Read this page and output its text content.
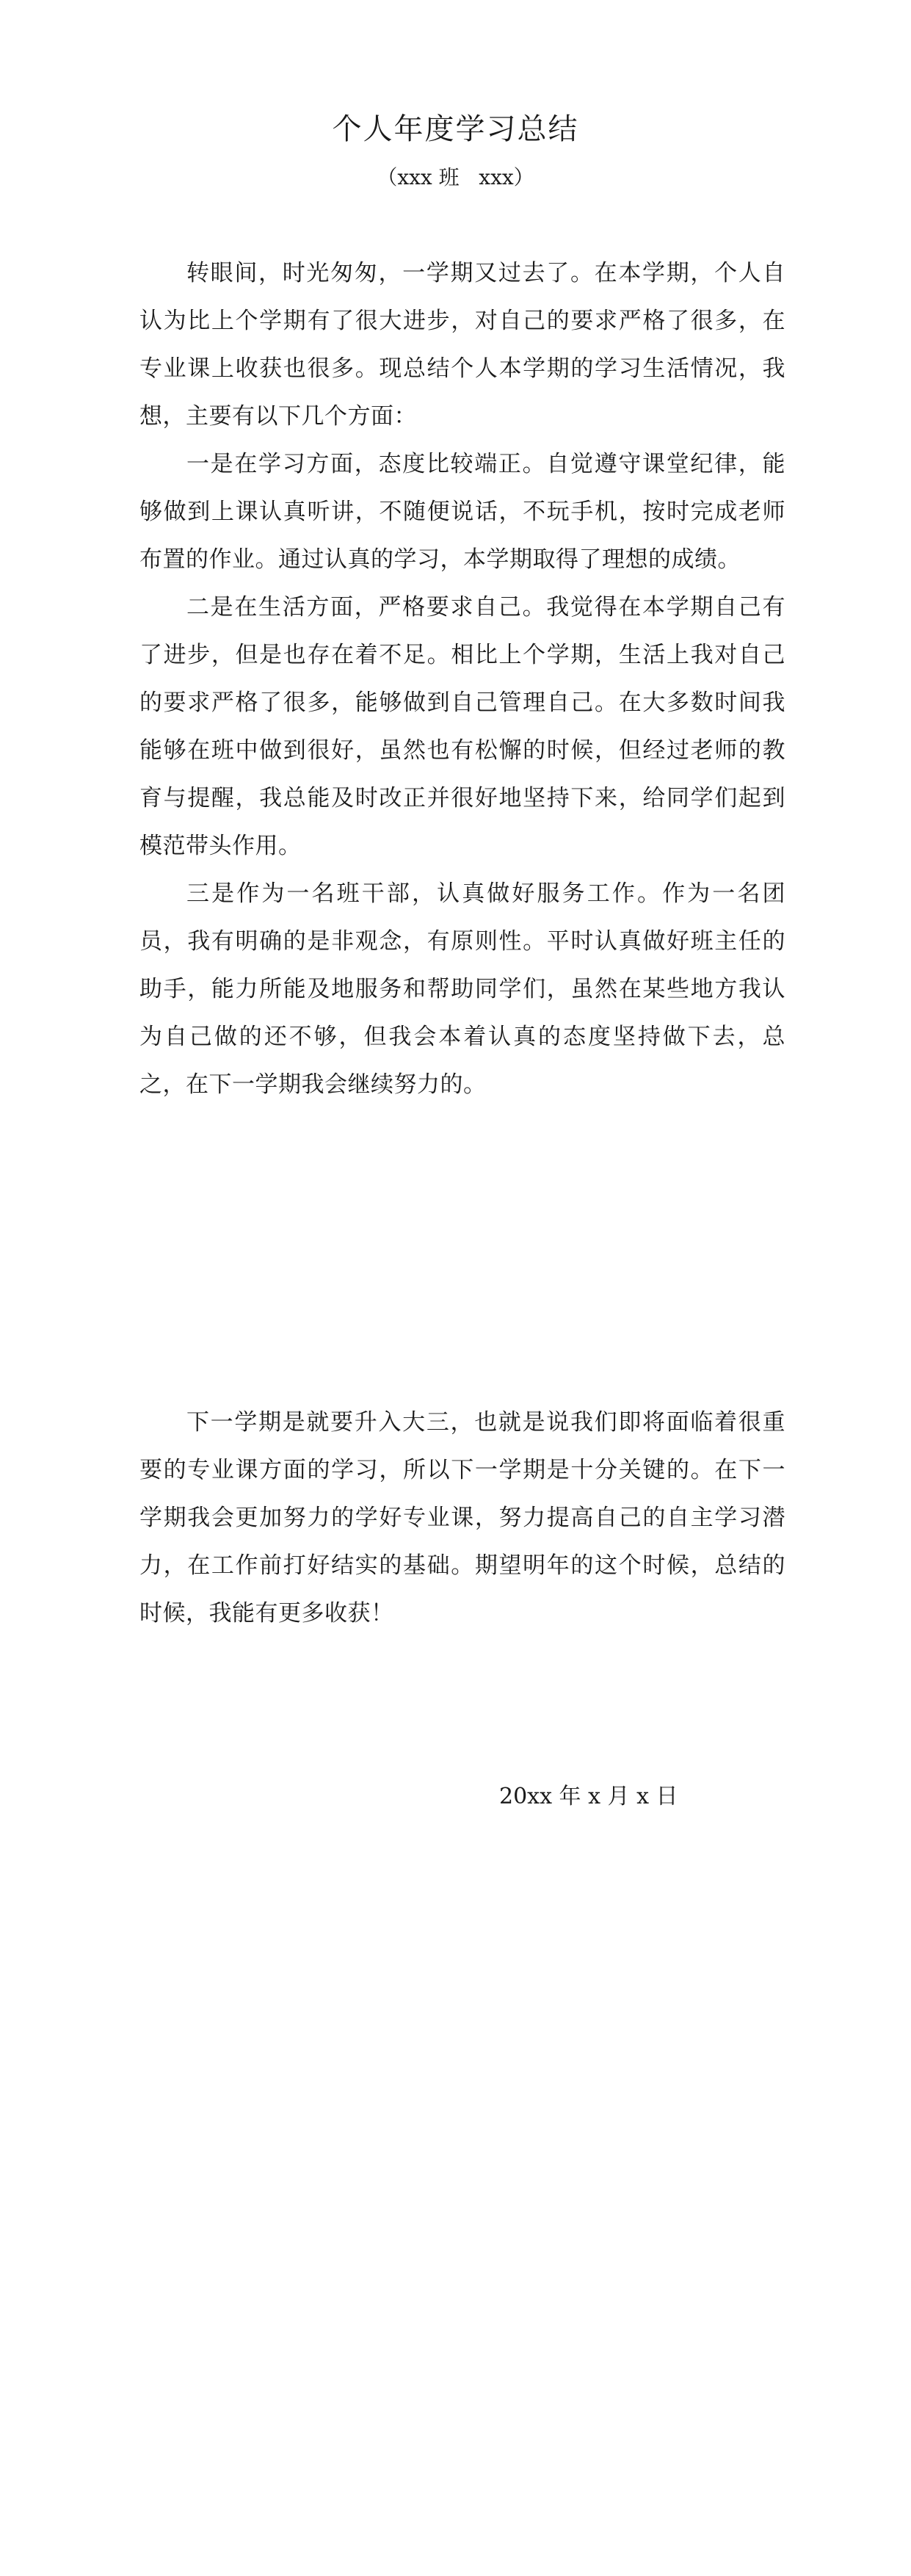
个人年度学习总结

（xxx 班   xxx）

转眼间，时光匆匆，一学期又过去了。在本学期，个人自认为比上个学期有了很大进步，对自己的要求严格了很多，在专业课上收获也很多。现总结个人本学期的学习生活情况，我想，主要有以下几个方面：

一是在学习方面，态度比较端正。自觉遵守课堂纪律，能够做到上课认真听讲，不随便说话，不玩手机，按时完成老师布置的作业。通过认真的学习，本学期取得了理想的成绩。

二是在生活方面，严格要求自己。我觉得在本学期自己有了进步，但是也存在着不足。相比上个学期，生活上我对自己的要求严格了很多，能够做到自己管理自己。在大多数时间我能够在班中做到很好，虽然也有松懈的时候，但经过老师的教育与提醒，我总能及时改正并很好地坚持下来，给同学们起到模范带头作用。

三是作为一名班干部，认真做好服务工作。作为一名团员，我有明确的是非观念，有原则性。平时认真做好班主任的助手，能力所能及地服务和帮助同学们，虽然在某些地方我认为自己做的还不够，但我会本着认真的态度坚持做下去，总之，在下一学期我会继续努力的。

下一学期是就要升入大三，也就是说我们即将面临着很重要的专业课方面的学习，所以下一学期是十分关键的。在下一学期我会更加努力的学好专业课，努力提高自己的自主学习潜力，在工作前打好结实的基础。期望明年的这个时候，总结的时候，我能有更多收获！

20xx 年 x 月 x 日
